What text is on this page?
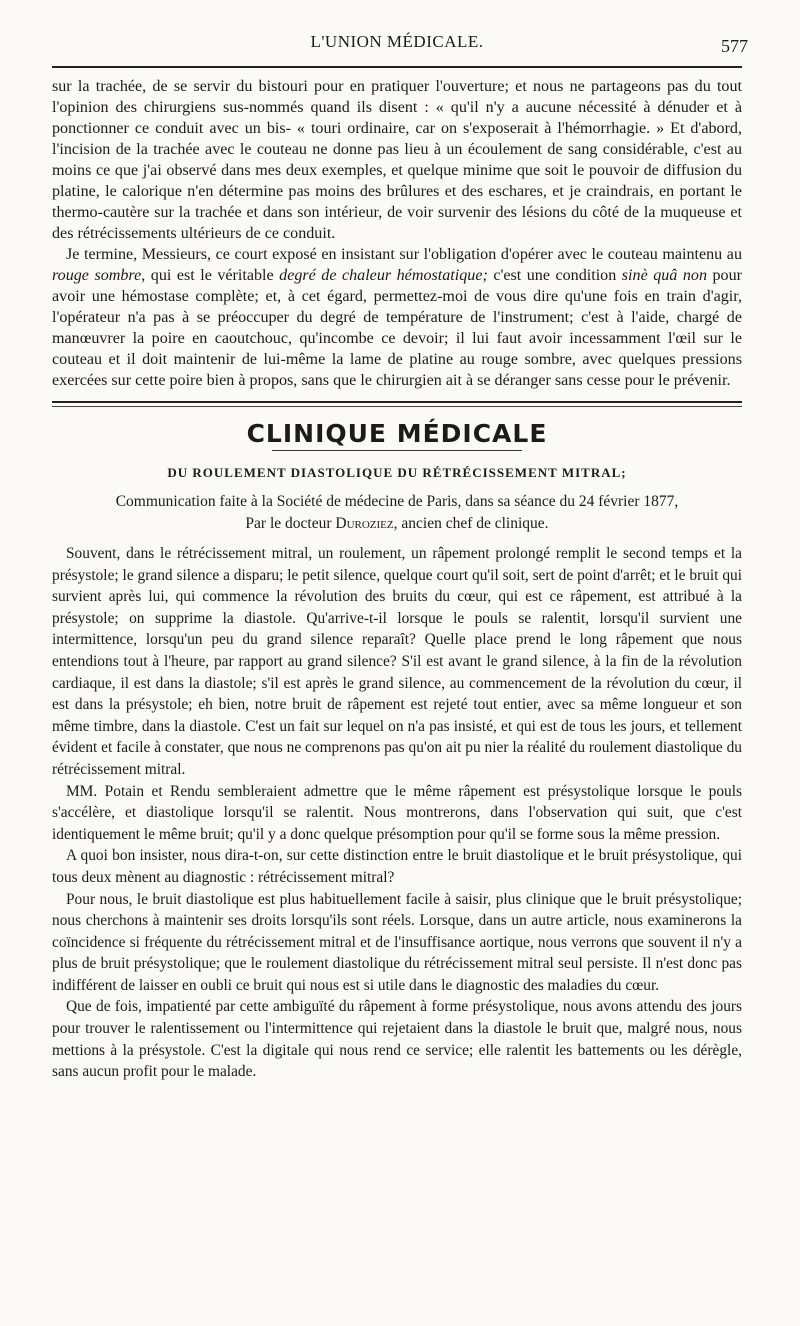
L'UNION MÉDICALE.	577

sur la trachée, de se servir du bistouri pour en pratiquer l'ouverture; et nous ne partageons pas du tout l'opinion des chirurgiens sus-nommés quand ils disent : « qu'il n'y a aucune nécessité à dénuder et à ponctionner ce conduit avec un bis- « touri ordinaire, car on s'exposerait à l'hémorrhagie. » Et d'abord, l'incision de la trachée avec le couteau ne donne pas lieu à un écoulement de sang considérable, c'est au moins ce que j'ai observé dans mes deux exemples, et quelque minime que soit le pouvoir de diffusion du platine, le calorique n'en détermine pas moins des brûlures et des eschares, et je craindrais, en portant le thermo-cautère sur la trachée et dans son intérieur, de voir survenir des lésions du côté de la muqueuse et des rétrécissements ultérieurs de ce conduit.

Je termine, Messieurs, ce court exposé en insistant sur l'obligation d'opérer avec le couteau maintenu au rouge sombre, qui est le véritable degré de chaleur hémostatique; c'est une condition sinè quâ non pour avoir une hémostase complète; et, à cet égard, permettez-moi de vous dire qu'une fois en train d'agir, l'opérateur n'a pas à se préoccuper du degré de température de l'instrument; c'est à l'aide, chargé de manœuvrer la poire en caoutchouc, qu'incombe ce devoir; il lui faut avoir incessamment l'œil sur le couteau et il doit maintenir de lui-même la lame de platine au rouge sombre, avec quelques pressions exercées sur cette poire bien à propos, sans que le chirurgien ait à se déranger sans cesse pour le prévenir.

CLINIQUE MÉDICALE
DU ROULEMENT DIASTOLIQUE DU RÉTRÉCISSEMENT MITRAL;
Communication faite à la Société de médecine de Paris, dans sa séance du 24 février 1877,
Par le docteur Duroziez, ancien chef de clinique.

Souvent, dans le rétrécissement mitral, un roulement, un râpement prolongé remplit le second temps et la présystole; le grand silence a disparu; le petit silence, quelque court qu'il soit, sert de point d'arrêt; et le bruit qui survient après lui, qui commence la révolution des bruits du cœur, qui est ce râpement, est attribué à la présystole; on supprime la diastole. Qu'arrive-t-il lorsque le pouls se ralentit, lorsqu'il survient une intermittence, lorsqu'un peu du grand silence reparaît? Quelle place prend le long râpement que nous entendions tout à l'heure, par rapport au grand silence? S'il est avant le grand silence, à la fin de la révolution cardiaque, il est dans la diastole; s'il est après le grand silence, au commencement de la révolution du cœur, il est dans la présystole; eh bien, notre bruit de râpement est rejeté tout entier, avec sa même longueur et son même timbre, dans la diastole. C'est un fait sur lequel on n'a pas insisté, et qui est de tous les jours, et tellement évident et facile à constater, que nous ne comprenons pas qu'on ait pu nier la réalité du roulement diastolique du rétrécissement mitral.

MM. Potain et Rendu sembleraient admettre que le même râpement est présystolique lorsque le pouls s'accélère, et diastolique lorsqu'il se ralentit. Nous montrerons, dans l'observation qui suit, que c'est identiquement le même bruit; qu'il y a donc quelque présomption pour qu'il se forme sous la même pression.

A quoi bon insister, nous dira-t-on, sur cette distinction entre le bruit diastolique et le bruit présystolique, qui tous deux mènent au diagnostic : rétrécissement mitral?

Pour nous, le bruit diastolique est plus habituellement facile à saisir, plus clinique que le bruit présystolique; nous cherchons à maintenir ses droits lorsqu'ils sont réels. Lorsque, dans un autre article, nous examinerons la coïncidence si fréquente du rétrécissement mitral et de l'insuffisance aortique, nous verrons que souvent il n'y a plus de bruit présystolique; que le roulement diastolique du rétrécissement mitral seul persiste. Il n'est donc pas indifférent de laisser en oubli ce bruit qui nous est si utile dans le diagnostic des maladies du cœur.

Que de fois, impatienté par cette ambiguïté du râpement à forme présystolique, nous avons attendu des jours pour trouver le ralentissement ou l'intermittence qui rejetaient dans la diastole le bruit que, malgré nous, nous mettions à la présystole. C'est la digitale qui nous rend ce service; elle ralentit les battements ou les dérègle, sans aucun profit pour le malade.
